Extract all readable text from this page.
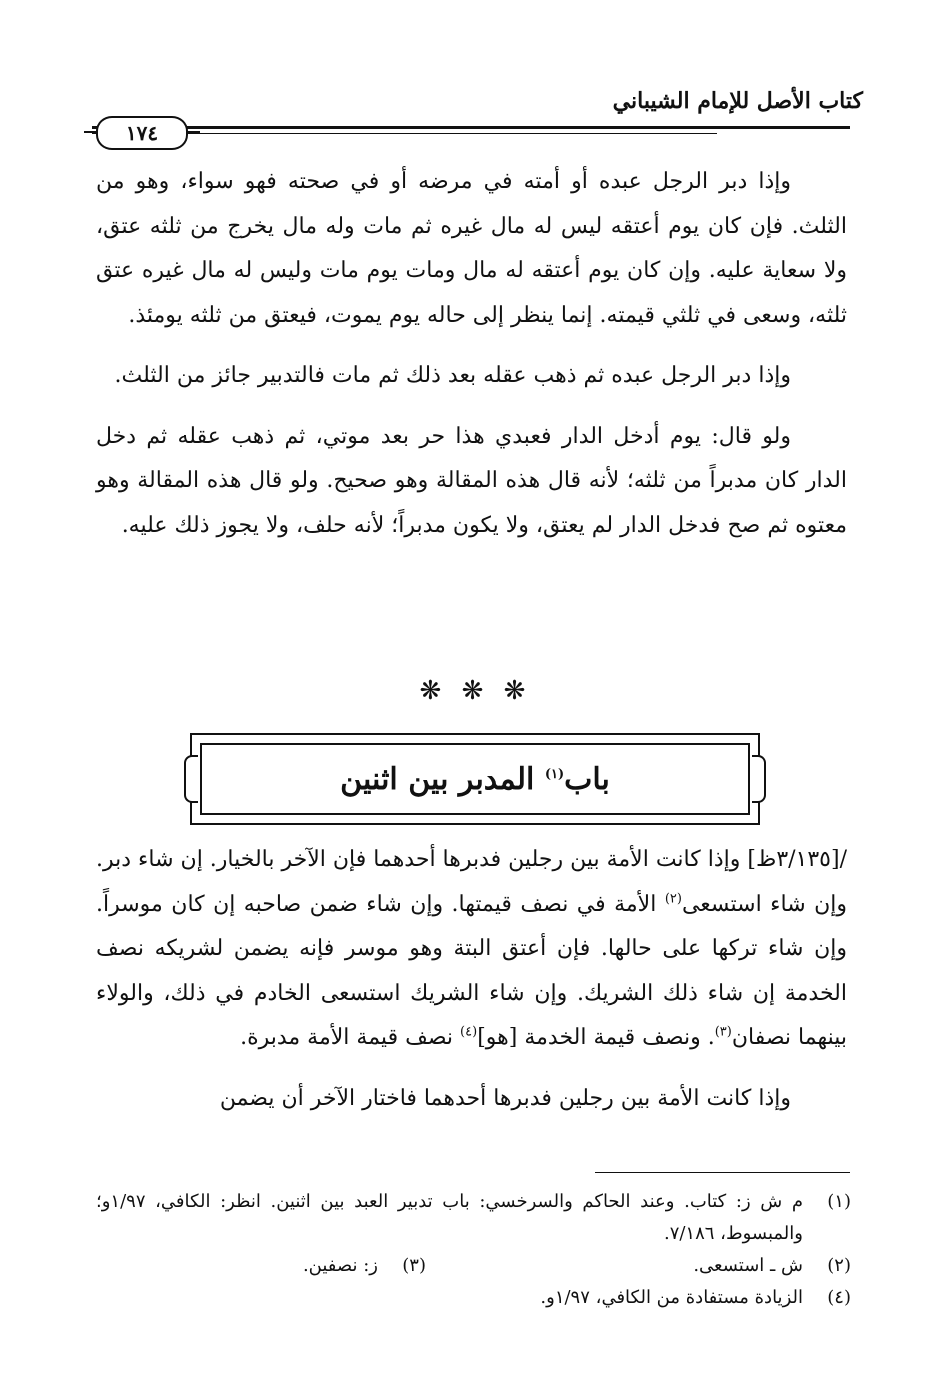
كتاب الأصل للإمام الشيباني
١٧٤

وإذا دبر الرجل عبده أو أمته في مرضه أو في صحته فهو سواء، وهو من الثلث. فإن كان يوم أعتقه ليس له مال غيره ثم مات وله مال يخرج من ثلثه عتق، ولا سعاية عليه. وإن كان يوم أعتقه له مال ومات يوم مات وليس له مال غيره عتق ثلثه، وسعى في ثلثي قيمته. إنما ينظر إلى حاله يوم يموت، فيعتق من ثلثه يومئذ.

وإذا دبر الرجل عبده ثم ذهب عقله بعد ذلك ثم مات فالتدبير جائز من الثلث.

ولو قال: يوم أدخل الدار فعبدي هذا حر بعد موتي، ثم ذهب عقله ثم دخل الدار كان مدبراً من ثلثه؛ لأنه قال هذه المقالة وهو صحيح. ولو قال هذه المقالة وهو معتوه ثم صح فدخل الدار لم يعتق، ولا يكون مدبراً؛ لأنه حلف، ولا يجوز ذلك عليه.

❋ ❋ ❋
باب$^{(١)}$ المدبر بين اثنين

/[٣/١٣٥ظ] وإذا كانت الأمة بين رجلين فدبرها أحدهما فإن الآخر بالخيار. إن شاء دبر. وإن شاء استسعى$^{(٢)}$ الأمة في نصف قيمتها. وإن شاء ضمن صاحبه إن كان موسراً. وإن شاء تركها على حالها. فإن أعتق البتة وهو موسر فإنه يضمن لشريكه نصف الخدمة إن شاء ذلك الشريك. وإن شاء الشريك استسعى الخادم في ذلك، والولاء بينهما نصفان$^{(٣)}$. ونصف قيمة الخدمة [هو]$^{(٤)}$ نصف قيمة الأمة مدبرة.

وإذا كانت الأمة بين رجلين فدبرها أحدهما فاختار الآخر أن يضمن

(١)
م ش ز: كتاب. وعند الحاكم والسرخسي: باب تدبير العبد بين اثنين. انظر: الكافي، ١/٩٧و؛ والمبسوط، ٧/١٨٦.
(٢)
ش ـ استسعى.
(٣)
ز: نصفين.
(٤)
الزيادة مستفادة من الكافي، ١/٩٧و.
